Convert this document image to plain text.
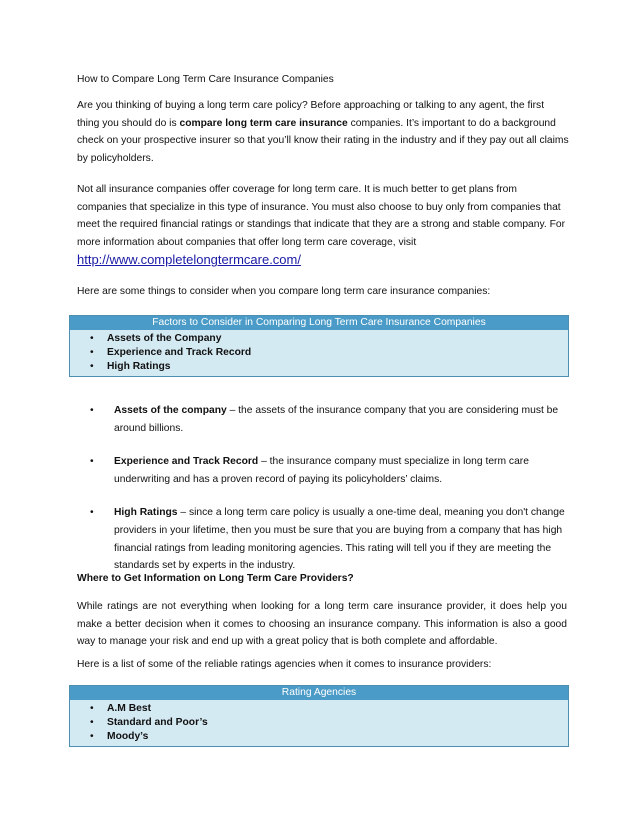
How to Compare Long Term Care Insurance Companies

Are you thinking of buying a long term care policy? Before approaching or talking to any agent, the first thing you should do is compare long term care insurance companies. It’s important to do a background check on your prospective insurer so that you’ll know their rating in the industry and if they pay out all claims by policyholders.

Not all insurance companies offer coverage for long term care. It is much better to get plans from companies that specialize in this type of insurance. You must also choose to buy only from companies that meet the required financial ratings or standings that indicate that they are a strong and stable company. For more information about companies that offer long term care coverage, visit
http://www.completelongtermcare.com/

Here are some things to consider when you compare long term care insurance companies:

Factors to Consider in Comparing Long Term Care Insurance Companies
• Assets of the Company
• Experience and Track Record
• High Ratings

• Assets of the company – the assets of the insurance company that you are considering must be around billions.

• Experience and Track Record – the insurance company must specialize in long term care underwriting and has a proven record of paying its policyholders’ claims.

• High Ratings – since a long term care policy is usually a one-time deal, meaning you don't change providers in your lifetime, then you must be sure that you are buying from a company that has high financial ratings from leading monitoring agencies. This rating will tell you if they are meeting the standards set by experts in the industry.

Where to Get Information on Long Term Care Providers?

While ratings are not everything when looking for a long term care insurance provider, it does help you make a better decision when it comes to choosing an insurance company. This information is also a good way to manage your risk and end up with a great policy that is both complete and affordable.

Here is a list of some of the reliable ratings agencies when it comes to insurance providers:

Rating Agencies
• A.M Best
• Standard and Poor’s
• Moody’s
